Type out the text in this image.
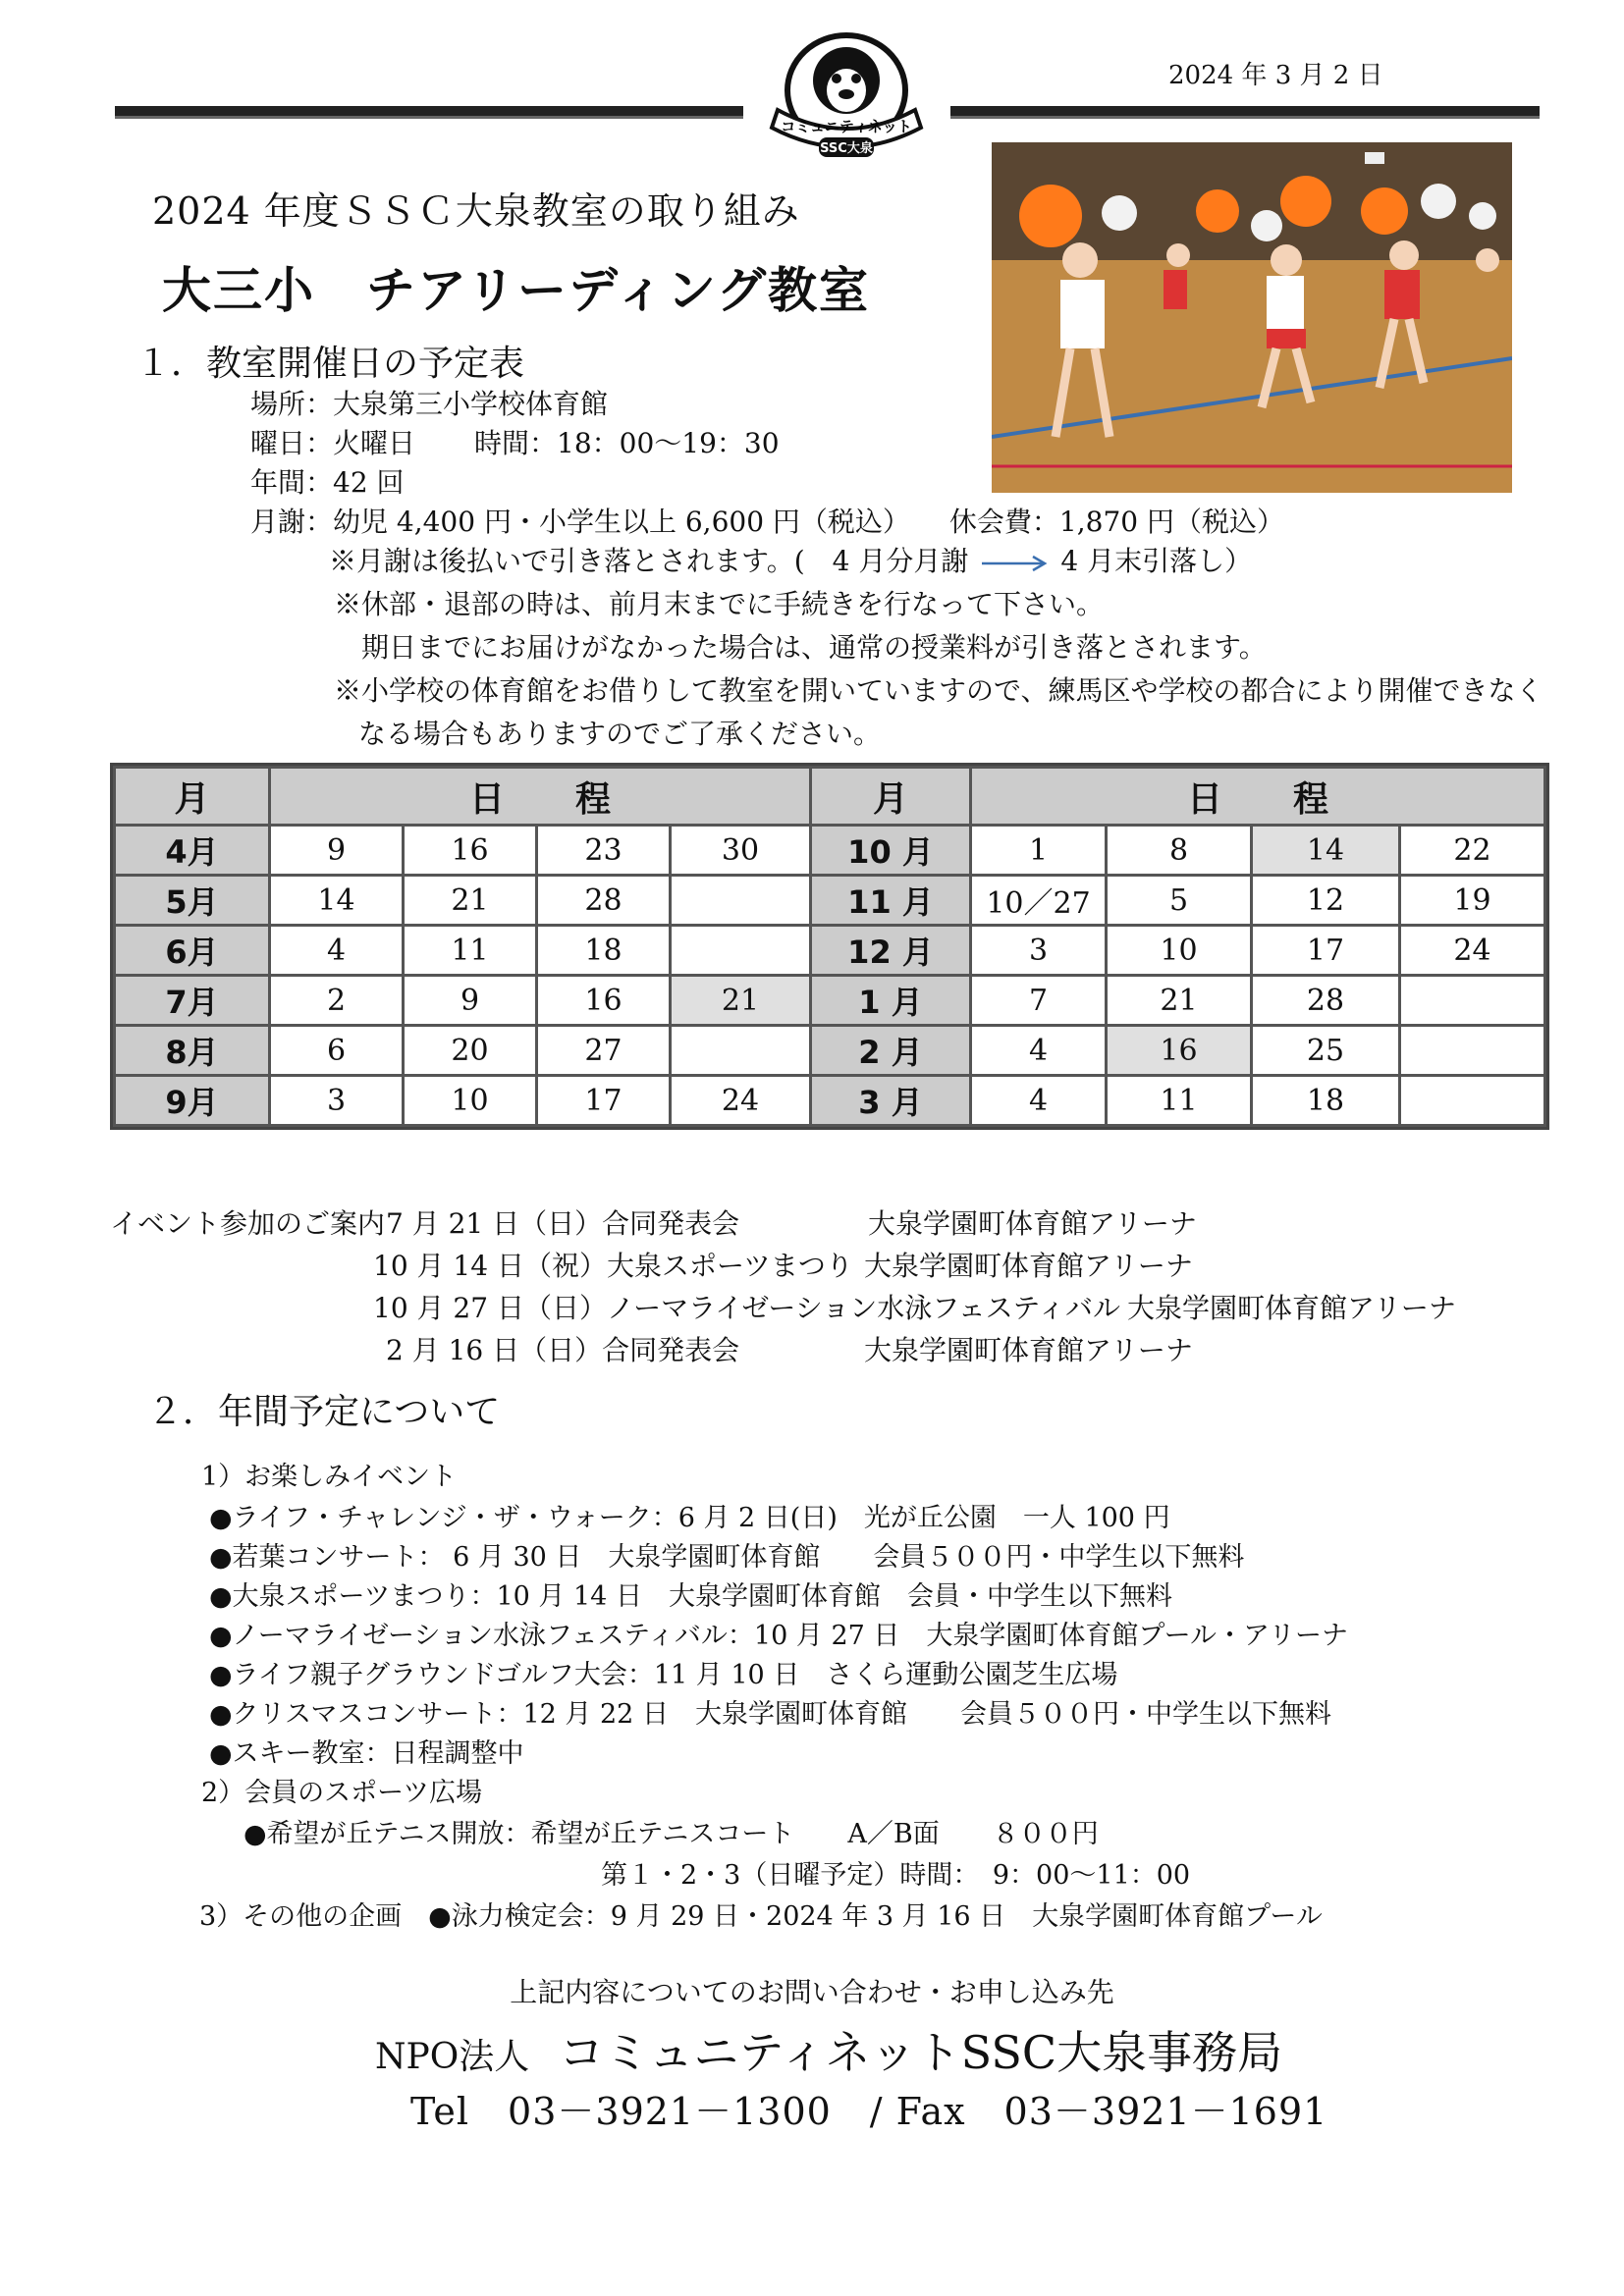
2024 年 3 月 2 日
コミュニティネット
SSC大泉
2024 年度ＳＳＣ大泉教室の取り組み
大三小　チアリーディング教室
１．教室開催日の予定表
場所：大泉第三小学校体育館
曜日：火曜日 時間：18：00〜19：30
年間：42 回
月謝：幼児 4,400 円・小学生以上 6,600 円（税込） 休会費：1,870 円（税込）
※月謝は後払いで引き落とされます。(　4 月分月謝	4 月末引落し）
※休部・退部の時は、前月末までに手続きを行なって下さい。
期日までにお届けがなかった場合は、通常の授業料が引き落とされます。
※小学校の体育館をお借りして教室を開いていますので、練馬区や学校の都合により開催できなく
なる場合もありますのでご了承ください。
月	日　　程				月	日　　程			
4月	9	16	23	30	10 月	1	8	14	22
5月	14	21	28		11 月	10／27	5	12	19
6月	4	11	18		12 月	3	10	17	24
7月	2	9	16	21	1 月	7	21	28	
8月	6	20	27		2 月	4	16	25	
9月	3	10	17	24	3 月	4	11	18	
イベント参加のご案内 7 月 21 日（日）合同発表会	大泉学園町体育館アリーナ
10 月 14 日（祝）大泉スポーツまつり 大泉学園町体育館アリーナ
10 月 27 日（日）ノーマライゼーション水泳フェスティバル 大泉学園町体育館アリーナ
2 月 16 日（日）合同発表会	大泉学園町体育館アリーナ
２．年間予定について
1）お楽しみイベント
●ライフ・チャレンジ・ザ・ウォーク：6 月 2 日(日)　光が丘公園　一人 100 円
●若葉コンサート： 6 月 30 日　大泉学園町体育館　　会員５００円・中学生以下無料
●大泉スポーツまつり：10 月 14 日　大泉学園町体育館　会員・中学生以下無料
●ノーマライゼーション水泳フェスティバル：10 月 27 日　大泉学園町体育館プール・アリーナ
●ライフ親子グラウンドゴルフ大会：11 月 10 日　さくら運動公園芝生広場
●クリスマスコンサート：12 月 22 日　大泉学園町体育館　　会員５００円・中学生以下無料
●スキー教室：日程調整中
2）会員のスポーツ広場
●希望が丘テニス開放：希望が丘テニスコート　　A／B面　　８００円
第１・2・3（日曜予定）時間：　9：00〜11：00
3）その他の企画　●泳力検定会：9 月 29 日・2024 年 3 月 16 日　大泉学園町体育館プール
上記内容についてのお問い合わせ・お申し込み先
NPO法人 コミュニティネットSSC大泉事務局
Tel　03－3921－1300　/ Fax　03－3921－1691
